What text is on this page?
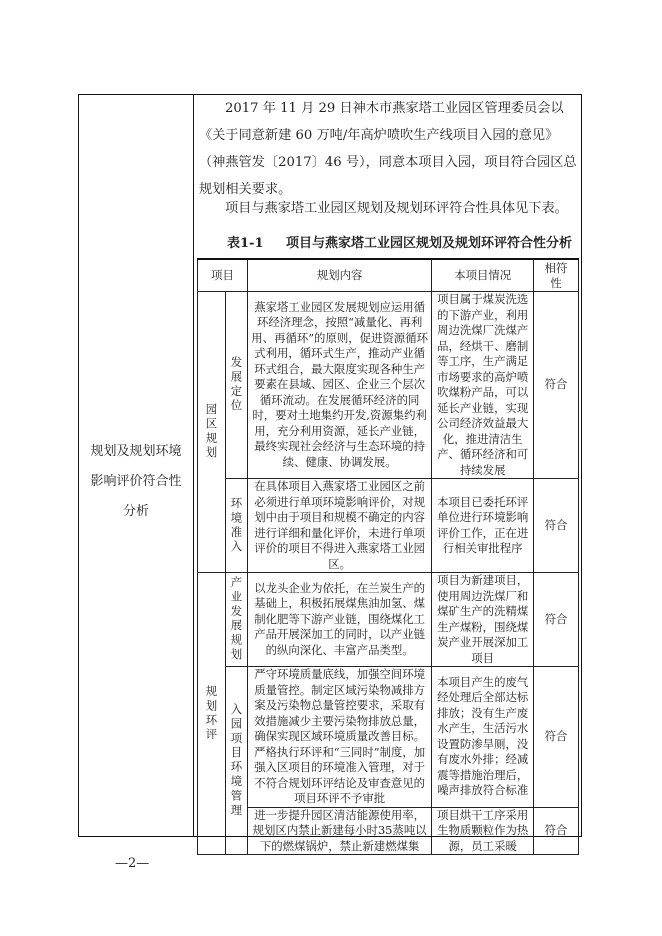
规划及规划环境
影响评价符合性
分析
2017 年 11 月 29 日神木市燕家塔工业园区管理委员会以《关于同意新建 60 万吨/年高炉喷吹生产线项目入园的意见》（神燕管发〔2017〕46 号），同意本项目入园，项目符合园区总规划相关要求。
项目与燕家塔工业园区规划及规划环评符合性具体见下表。
表1-1 项目与燕家塔工业园区规划及规划环评符合性分析
项目		规划内容	本项目情况	相符性

园区规划	发展定位	燕家塔工业园区发展规划应运用循环经济理念，按照“减量化、再利用、再循环”的原则，促进资源循环式利用，循环式生产，推动产业循环式组合，最大限度实现各种生产要素在县域、园区、企业三个层次循环流动。在发展循环经济的同时，要对土地集约开发,资源集约利用，充分利用资源，延长产业链，最终实现社会经济与生态环境的持续、健康、协调发展。	项目属于煤炭洗选的下游产业，利用周边洗煤厂洗煤产品，经烘干、磨制等工序，生产满足市场要求的高炉喷吹煤粉产品，可以延长产业链，实现公司经济效益最大化，推进清洁生产、循环经济和可持续发展	符合

	环境准入	在具体项目入燕家塔工业园区之前必须进行单项环境影响评价，对规划中由于项目和规模不确定的内容进行详细和量化评价，未进行单项评价的项目不得进入燕家塔工业园区。	本项目已委托环评单位进行环境影响评价工作，正在进行相关审批程序	符合

规划环评	产业发展规划	以龙头企业为依托，在兰炭生产的基础上，积极拓展煤焦油加氢、煤制化肥等下游产业链，围绕煤化工产品开展深加工的同时，以产业链的纵向深化、丰富产品类型。	项目为新建项目，使用周边洗煤厂和煤矿生产的洗精煤生产煤粉，围绕煤炭产业开展深加工项目	符合

	入园项目环境管理	严守环境质量底线，加强空间环境质量管控。制定区域污染物减排方案及污染物总量管控要求，采取有效措施减少主要污染物排放总量，确保实现区域环境质量改善目标。严格执行环评和“三同时”制度，加强入区项目的环境准入管理，对于不符合规划环评结论及审查意见的项目环评不予审批	本项目产生的废气经处理后全部达标排放；没有生产废水产生，生活污水设置防渗旱厕，没有废水外排；经减震等措施治理后，噪声排放符合标准	符合
		进一步提升园区清洁能源使用率，规划区内禁止新建每小时35蒸吨以下的燃煤锅炉，禁止新建燃煤集	项目烘干工序采用生物质颗粒作为热源，员工采暖	符合
—2—
